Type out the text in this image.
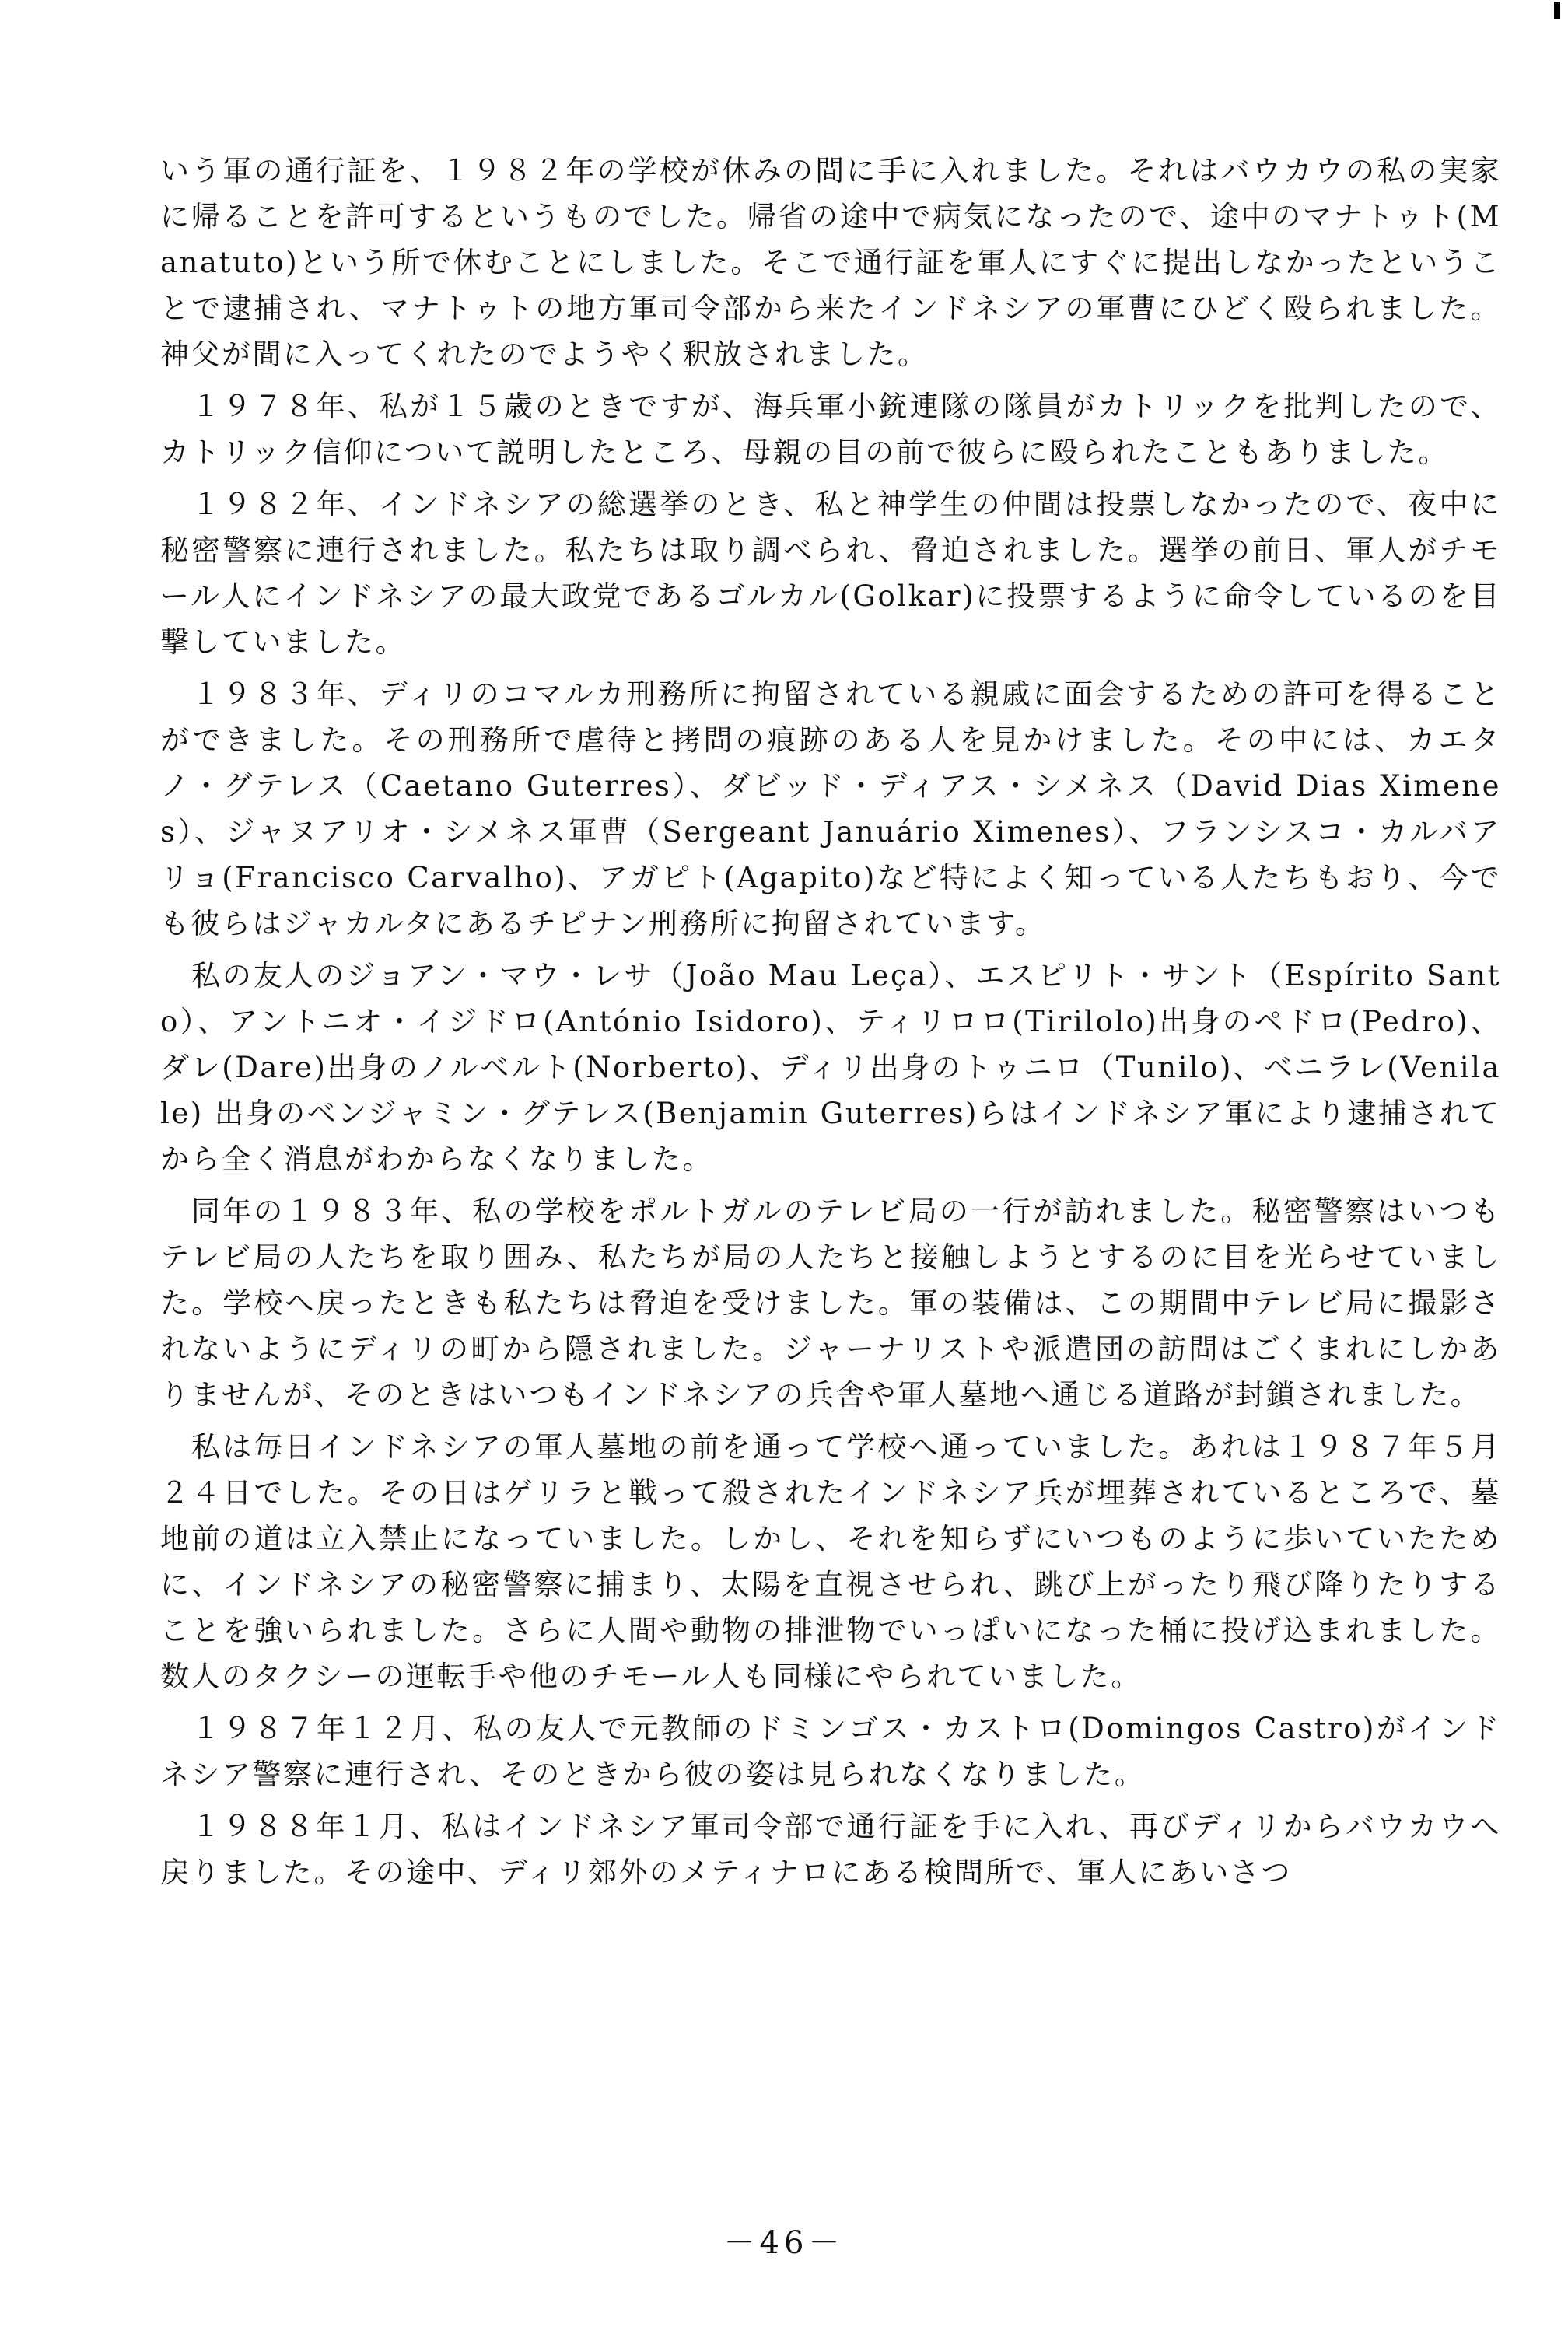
いう軍の通行証を、１９８２年の学校が休みの間に手に入れました。それはバウカウの私の実家に帰ることを許可するというものでした。帰省の途中で病気になったので、途中のマナトゥト(Manatuto)という所で休むことにしました。そこで通行証を軍人にすぐに提出しなかったということで逮捕され、マナトゥトの地方軍司令部から来たインドネシアの軍曹にひどく殴られました。神父が間に入ってくれたのでようやく釈放されました。

１９７８年、私が１５歳のときですが、海兵軍小銃連隊の隊員がカトリックを批判したので、カトリック信仰について説明したところ、母親の目の前で彼らに殴られたこともありました。

１９８２年、インドネシアの総選挙のとき、私と神学生の仲間は投票しなかったので、夜中に秘密警察に連行されました。私たちは取り調べられ、脅迫されました。選挙の前日、軍人がチモール人にインドネシアの最大政党であるゴルカル(Golkar)に投票するように命令しているのを目撃していました。

１９８３年、ディリのコマルカ刑務所に拘留されている親戚に面会するための許可を得ることができました。その刑務所で虐待と拷問の痕跡のある人を見かけました。その中には、カエタノ・グテレス（Caetano Guterres）、ダビッド・ディアス・シメネス（David Dias Ximenes）、ジャヌアリオ・シメネス軍曹（Sergeant Januário Ximenes）、フランシスコ・カルバアリョ(Francisco Carvalho)、アガピト(Agapito)など特によく知っている人たちもおり、今でも彼らはジャカルタにあるチピナン刑務所に拘留されています。

私の友人のジョアン・マウ・レサ（João Mau Leça）、エスピリト・サント（Espírito Santo）、アントニオ・イジドロ(António Isidoro)、ティリロロ(Tirilolo)出身のペドロ(Pedro)、ダレ(Dare)出身のノルベルト(Norberto)、ディリ出身のトゥニロ（Tunilo)、ベニラレ(Venilale) 出身のベンジャミン・グテレス(Benjamin Guterres)らはインドネシア軍により逮捕されてから全く消息がわからなくなりました。

同年の１９８３年、私の学校をポルトガルのテレビ局の一行が訪れました。秘密警察はいつもテレビ局の人たちを取り囲み、私たちが局の人たちと接触しようとするのに目を光らせていました。学校へ戻ったときも私たちは脅迫を受けました。軍の装備は、この期間中テレビ局に撮影されないようにディリの町から隠されました。ジャーナリストや派遣団の訪問はごくまれにしかありませんが、そのときはいつもインドネシアの兵舎や軍人墓地へ通じる道路が封鎖されました。

私は毎日インドネシアの軍人墓地の前を通って学校へ通っていました。あれは１９８７年５月２４日でした。その日はゲリラと戦って殺されたインドネシア兵が埋葬されているところで、墓地前の道は立入禁止になっていました。しかし、それを知らずにいつものように歩いていたために、インドネシアの秘密警察に捕まり、太陽を直視させられ、跳び上がったり飛び降りたりすることを強いられました。さらに人間や動物の排泄物でいっぱいになった桶に投げ込まれました。数人のタクシーの運転手や他のチモール人も同様にやられていました。

１９８７年１２月、私の友人で元教師のドミンゴス・カストロ(Domingos Castro)がインドネシア警察に連行され、そのときから彼の姿は見られなくなりました。

１９８８年１月、私はインドネシア軍司令部で通行証を手に入れ、再びディリからバウカウへ戻りました。その途中、ディリ郊外のメティナロにある検問所で、軍人にあいさつ

－46－
